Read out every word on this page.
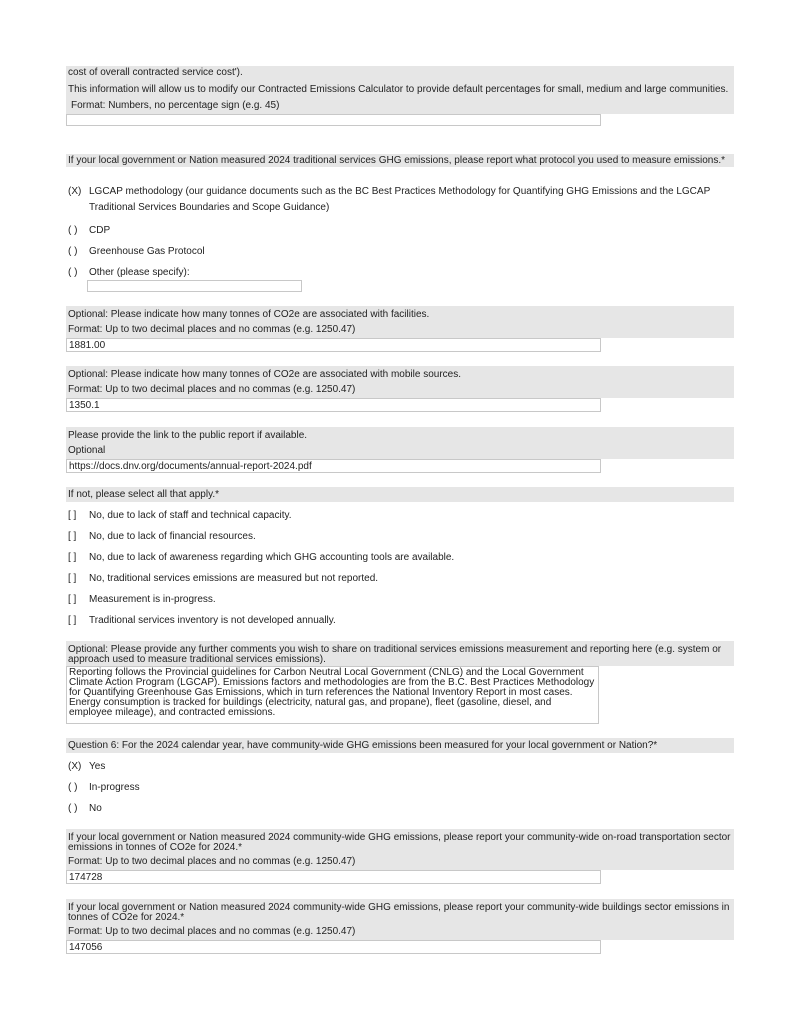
cost of overall contracted service cost').
This information will allow us to modify our Contracted Emissions Calculator to provide default percentages for small, medium and large communities.
Format: Numbers, no percentage sign (e.g. 45)
If your local government or Nation measured 2024 traditional services GHG emissions, please report what protocol you used to measure emissions.*
(X) LGCAP methodology (our guidance documents such as the BC Best Practices Methodology for Quantifying GHG Emissions and the LGCAP Traditional Services Boundaries and Scope Guidance)
( ) CDP
( ) Greenhouse Gas Protocol
( ) Other (please specify):
Optional: Please indicate how many tonnes of CO2e are associated with facilities.
Format: Up to two decimal places and no commas (e.g. 1250.47)
1881.00
Optional: Please indicate how many tonnes of CO2e are associated with mobile sources.
Format: Up to two decimal places and no commas (e.g. 1250.47)
1350.1
Please provide the link to the public report if available.
Optional
https://docs.dnv.org/documents/annual-report-2024.pdf
If not, please select all that apply.*
[ ] No, due to lack of staff and technical capacity.
[ ] No, due to lack of financial resources.
[ ] No, due to lack of awareness regarding which GHG accounting tools are available.
[ ] No, traditional services emissions are measured but not reported.
[ ] Measurement is in-progress.
[ ] Traditional services inventory is not developed annually.
Optional: Please provide any further comments you wish to share on traditional services emissions measurement and reporting here (e.g. system or approach used to measure traditional services emissions).
Reporting follows the Provincial guidelines for Carbon Neutral Local Government (CNLG) and the Local Government Climate Action Program (LGCAP). Emissions factors and methodologies are from the B.C. Best Practices Methodology for Quantifying Greenhouse Gas Emissions, which in turn references the National Inventory Report in most cases. Energy consumption is tracked for buildings (electricity, natural gas, and propane), fleet (gasoline, diesel, and employee mileage), and contracted emissions.
Question 6: For the 2024 calendar year, have community-wide GHG emissions been measured for your local government or Nation?*
(X) Yes
( ) In-progress
( ) No
If your local government or Nation measured 2024 community-wide GHG emissions, please report your community-wide on-road transportation sector emissions in tonnes of CO2e for 2024.*
Format: Up to two decimal places and no commas (e.g. 1250.47)
174728
If your local government or Nation measured 2024 community-wide GHG emissions, please report your community-wide buildings sector emissions in tonnes of CO2e for 2024.*
Format: Up to two decimal places and no commas (e.g. 1250.47)
147056
